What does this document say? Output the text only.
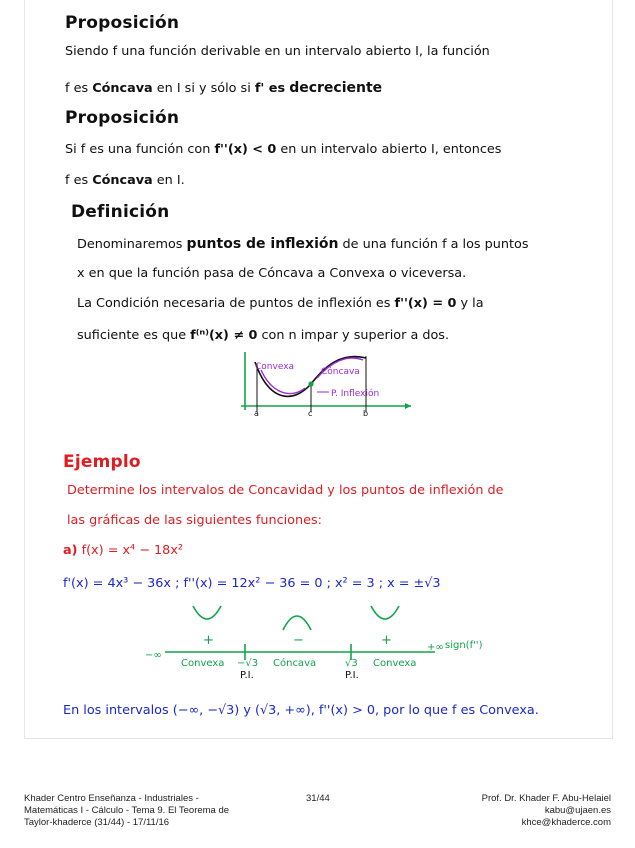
Proposición
Siendo f una función derivable en un intervalo abierto I, la función
f es Cóncava en I si y sólo si f' es decreciente
Proposición
Si f es una función con f''(x) < 0 en un intervalo abierto I, entonces
f es Cóncava en I.
Definición
Denominaremos puntos de inflexión de una función f a los puntos
x en que la función pasa de Cóncava a Convexa o viceversa.
La Condición necesaria de puntos de inflexión es f''(x) = 0 y la
suficiente es que f⁽ⁿ⁾(x) ≠ 0 con n impar y superior a dos.
Convexa	Cóncava
P. Inflexión
a	c	b
Ejemplo
Determine los intervalos de Concavidad y los puntos de inflexión de
las gráficas de las siguientes funciones:
a) f(x) = x⁴ − 18x²
f'(x) = 4x³ − 36x ; f''(x) = 12x² − 36 = 0 ; x² = 3 ; x = ±√3
+	−	+
−∞
+∞ sign(f'')
−√3	√3
Convexa	Cóncava	Convexa
P.I.	P.I.
En los intervalos (−∞, −√3) y (√3, +∞), f''(x) > 0, por lo que f es Convexa.
Khader Centro Enseñanza - Industriales -
Matemáticas I - Cálculo - Tema 9. El Teorema de
Taylor-khaderce (31/44) - 17/11/16
31/44	Prof. Dr. Khader F. Abu-Helaiel
kabu@ujaen.es
khce@khaderce.com
